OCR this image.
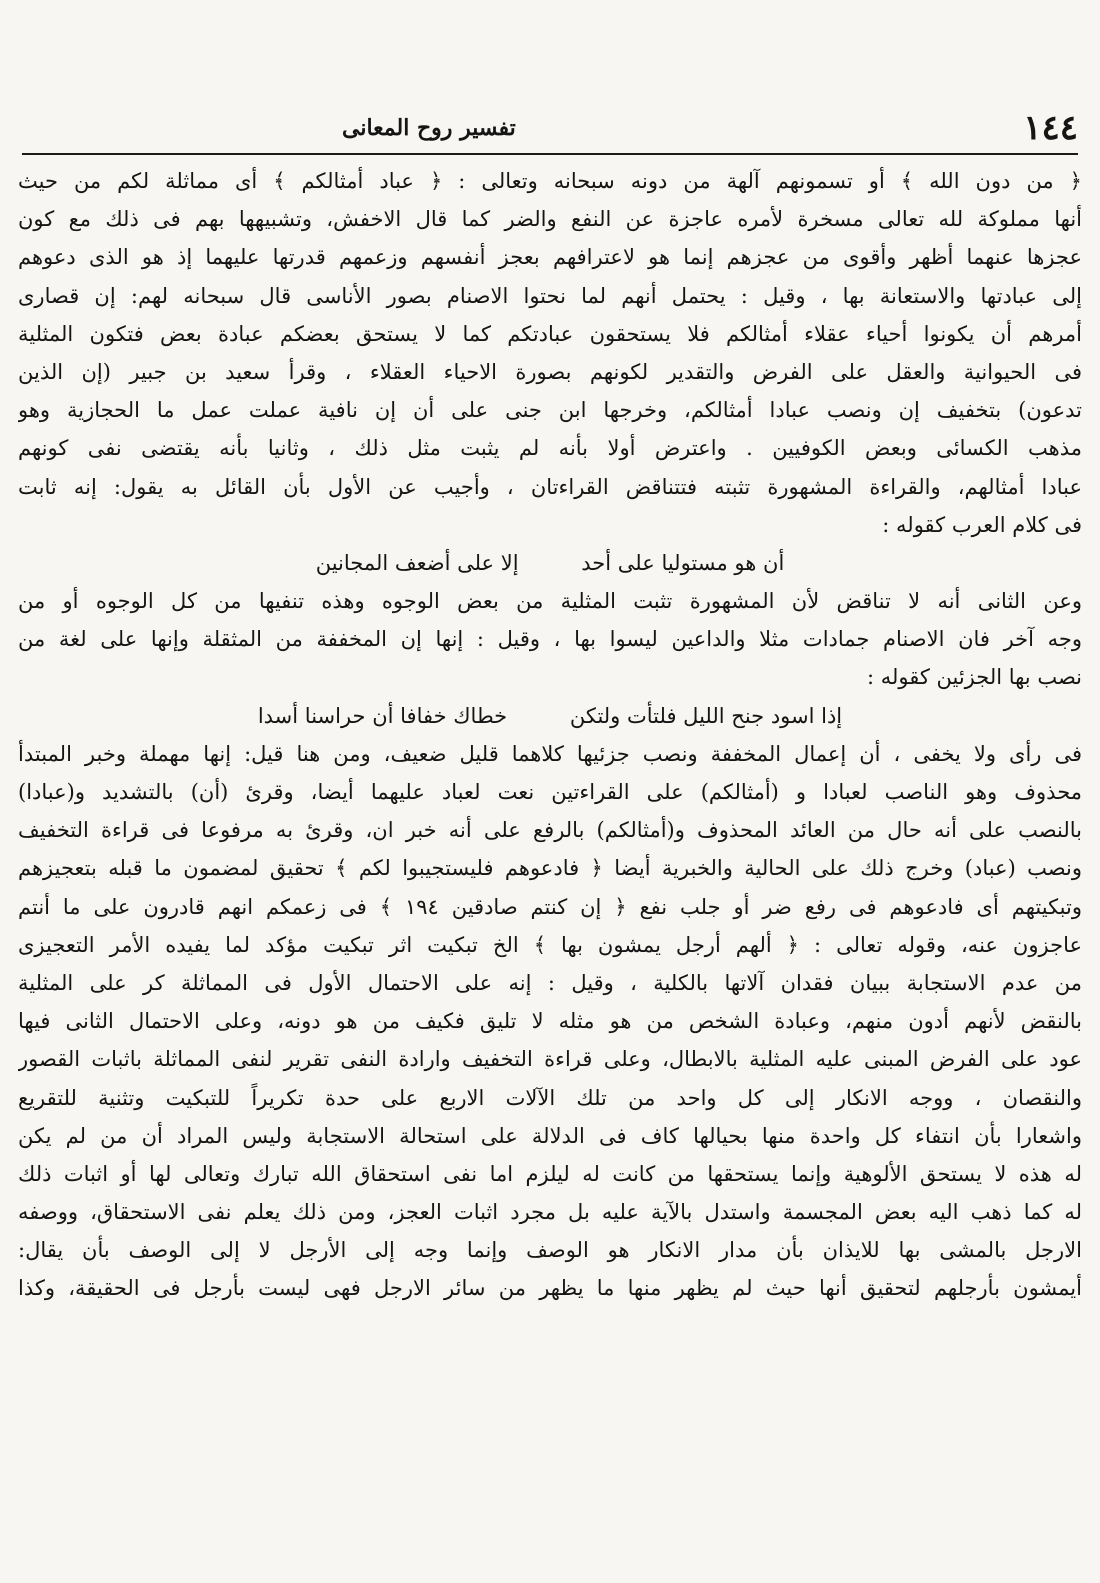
١٤٤
تفسير روح المعانى
﴿ من دون الله ﴾ أو تسمونهم آلهة من دونه سبحانه وتعالى : ﴿ عباد أمثالكم ﴾ أى مماثلة لكم من حيث
أنها مملوكة لله تعالى مسخرة لأمره عاجزة عن النفع والضر كما قال الاخفش، وتشبيهها بهم فى ذلك مع كون
عجزها عنهما أظهر وأقوى من عجزهم إنما هو لاعترافهم بعجز أنفسهم وزعمهم قدرتها عليهما إذ هو الذى دعوهم
إلى عبادتها والاستعانة بها ، وقيل : يحتمل أنهم لما نحتوا الاصنام بصور الأناسى قال سبحانه لهم: إن قصارى
أمرهم أن يكونوا أحياء عقلاء أمثالكم فلا يستحقون عبادتكم كما لا يستحق بعضكم عبادة بعض فتكون المثلية
فى الحيوانية والعقل على الفرض والتقدير لكونهم بصورة الاحياء العقلاء ، وقرأ سعيد بن جبير (إن الذين
تدعون) بتخفيف إن ونصب عبادا أمثالكم، وخرجها ابن جنى على أن إن نافية عملت عمل ما الحجازية وهو
مذهب الكسائى وبعض الكوفيين . واعترض أولا بأنه لم يثبت مثل ذلك ، وثانيا بأنه يقتضى نفى كونهم
عبادا أمثالهم، والقراءة المشهورة تثبته فتتناقض القراءتان ، وأجيب عن الأول بأن القائل به يقول: إنه ثابت
فى كلام العرب كقوله :
أن هو مستوليا على أحد إلا على أضعف المجانين
وعن الثانى أنه لا تناقض لأن المشهورة تثبت المثلية من بعض الوجوه وهذه تنفيها من كل الوجوه أو من
وجه آخر فان الاصنام جمادات مثلا والداعين ليسوا بها ، وقيل : إنها إن المخففة من المثقلة وإنها على لغة من
نصب بها الجزئين كقوله :
إذا اسود جنح الليل فلتأت ولتكن خطاك خفافا أن حراسنا أسدا
فى رأى ولا يخفى ، أن إعمال المخففة ونصب جزئيها كلاهما قليل ضعيف، ومن هنا قيل: إنها مهملة وخبر المبتدأ
محذوف وهو الناصب لعبادا و (أمثالكم) على القراءتين نعت لعباد عليهما أيضا، وقرئ (أن) بالتشديد و(عبادا)
بالنصب على أنه حال من العائد المحذوف و(أمثالكم) بالرفع على أنه خبر ان، وقرئ به مرفوعا فى قراءة التخفيف
ونصب (عباد) وخرج ذلك على الحالية والخبرية أيضا ﴿ فادعوهم فليستجيبوا لكم ﴾ تحقيق لمضمون ما قبله بتعجيزهم
وتبكيتهم أى فادعوهم فى رفع ضر أو جلب نفع ﴿ إن كنتم صادقين ١٩٤ ﴾ فى زعمكم انهم قادرون على ما أنتم
عاجزون عنه، وقوله تعالى : ﴿ ألهم أرجل يمشون بها ﴾ الخ تبكيت اثر تبكيت مؤكد لما يفيده الأمر التعجيزى
من عدم الاستجابة ببيان فقدان آلاتها بالكلية ، وقيل : إنه على الاحتمال الأول فى المماثلة كر على المثلية
بالنقض لأنهم أدون منهم، وعبادة الشخص من هو مثله لا تليق فكيف من هو دونه، وعلى الاحتمال الثانى فيها
عود على الفرض المبنى عليه المثلية بالابطال، وعلى قراءة التخفيف وارادة النفى تقرير لنفى المماثلة باثبات القصور
والنقصان ، ووجه الانكار إلى كل واحد من تلك الآلات الاربع على حدة تكريراً للتبكيت وتثنية للتقريع
واشعارا بأن انتفاء كل واحدة منها بحيالها كاف فى الدلالة على استحالة الاستجابة وليس المراد أن من لم يكن
له هذه لا يستحق الألوهية وإنما يستحقها من كانت له ليلزم اما نفى استحقاق الله تبارك وتعالى لها أو اثبات ذلك
له كما ذهب اليه بعض المجسمة واستدل بالآية عليه بل مجرد اثبات العجز، ومن ذلك يعلم نفى الاستحقاق، ووصفه
الارجل بالمشى بها للايذان بأن مدار الانكار هو الوصف وإنما وجه إلى الأرجل لا إلى الوصف بأن يقال:
أيمشون بأرجلهم لتحقيق أنها حيث لم يظهر منها ما يظهر من سائر الارجل فهى ليست بأرجل فى الحقيقة، وكذا
